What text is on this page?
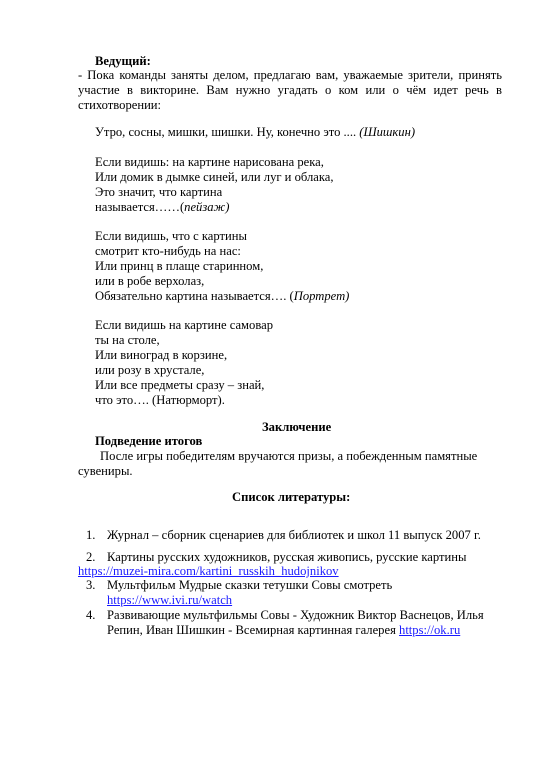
Ведущий:
- Пока команды заняты делом, предлагаю вам, уважаемые зрители, принять
участие в викторине. Вам нужно угадать о ком или о чём идет речь в
стихотворении:
Утро, сосны, мишки, шишки. Ну, конечно это .... (Шишкин)
Если видишь: на картине нарисована река,
Или домик в дымке синей, или луг и облака,
Это значит, что картина
называется……(пейзаж)
Если видишь, что с картины
смотрит кто-нибудь на нас:
Или принц в плаще старинном,
или в робе верхолаз,
Обязательно картина называется…. (Портрет)
Если видишь на картине самовар
ты на столе,
Или виноград в корзине,
или розу в хрустале,
Или все предметы сразу – знай,
что это…. (Натюрморт).
Заключение
Подведение итогов
После игры победителям вручаются призы, а побежденным памятные
сувениры.
Список литературы:
1. Журнал – сборник сценариев для библиотек и школ 11 выпуск 2007 г.
2. Картины русских художников, русская живопись, русские картины
https://muzei-mira.com/kartini_russkih_hudojnikov
3. Мультфильм Мудрые сказки тетушки Совы смотреть
https://www.ivi.ru/watch
4. Развивающие мультфильмы Совы - Художник Виктор Васнецов, Илья
Репин, Иван Шишкин - Всемирная картинная галерея https://ok.ru
